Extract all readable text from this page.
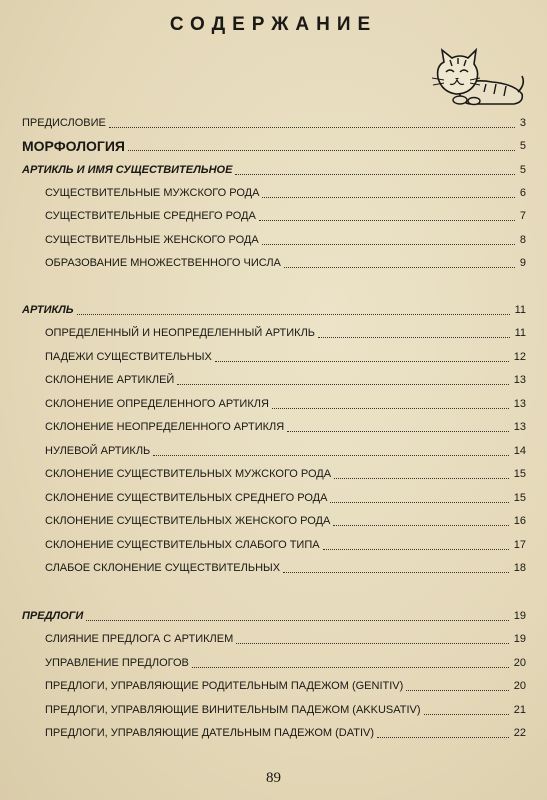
СОДЕРЖАНИЕ
ПРЕДИСЛОВИЕ	3
МОРФОЛОГИЯ	5
АРТИКЛЬ И ИМЯ СУЩЕСТВИТЕЛЬНОЕ	5
СУЩЕСТВИТЕЛЬНЫЕ МУЖСКОГО РОДА	6
СУЩЕСТВИТЕЛЬНЫЕ СРЕДНЕГО РОДА	7
СУЩЕСТВИТЕЛЬНЫЕ ЖЕНСКОГО РОДА	8
ОБРАЗОВАНИЕ МНОЖЕСТВЕННОГО ЧИСЛА	9
АРТИКЛЬ	11
ОПРЕДЕЛЕННЫЙ И НЕОПРЕДЕЛЕННЫЙ АРТИКЛЬ	11
ПАДЕЖИ СУЩЕСТВИТЕЛЬНЫХ	12
СКЛОНЕНИЕ АРТИКЛЕЙ	13
СКЛОНЕНИЕ ОПРЕДЕЛЕННОГО АРТИКЛЯ	13
СКЛОНЕНИЕ НЕОПРЕДЕЛЕННОГО АРТИКЛЯ	13
НУЛЕВОЙ АРТИКЛЬ	14
СКЛОНЕНИЕ СУЩЕСТВИТЕЛЬНЫХ МУЖСКОГО РОДА	15
СКЛОНЕНИЕ СУЩЕСТВИТЕЛЬНЫХ СРЕДНЕГО РОДА	15
СКЛОНЕНИЕ СУЩЕСТВИТЕЛЬНЫХ ЖЕНСКОГО РОДА	16
СКЛОНЕНИЕ СУЩЕСТВИТЕЛЬНЫХ СЛАБОГО ТИПА	17
СЛАБОЕ СКЛОНЕНИЕ СУЩЕСТВИТЕЛЬНЫХ	18
ПРЕДЛОГИ	19
СЛИЯНИЕ ПРЕДЛОГА С АРТИКЛЕМ	19
УПРАВЛЕНИЕ ПРЕДЛОГОВ	20
ПРЕДЛОГИ, УПРАВЛЯЮЩИЕ РОДИТЕЛЬНЫМ ПАДЕЖОМ (GENITIV)	20
ПРЕДЛОГИ, УПРАВЛЯЮЩИЕ ВИНИТЕЛЬНЫМ ПАДЕЖОМ (AKKUSATIV)	21
ПРЕДЛОГИ, УПРАВЛЯЮЩИЕ ДАТЕЛЬНЫМ ПАДЕЖОМ (DATIV)	22
89
